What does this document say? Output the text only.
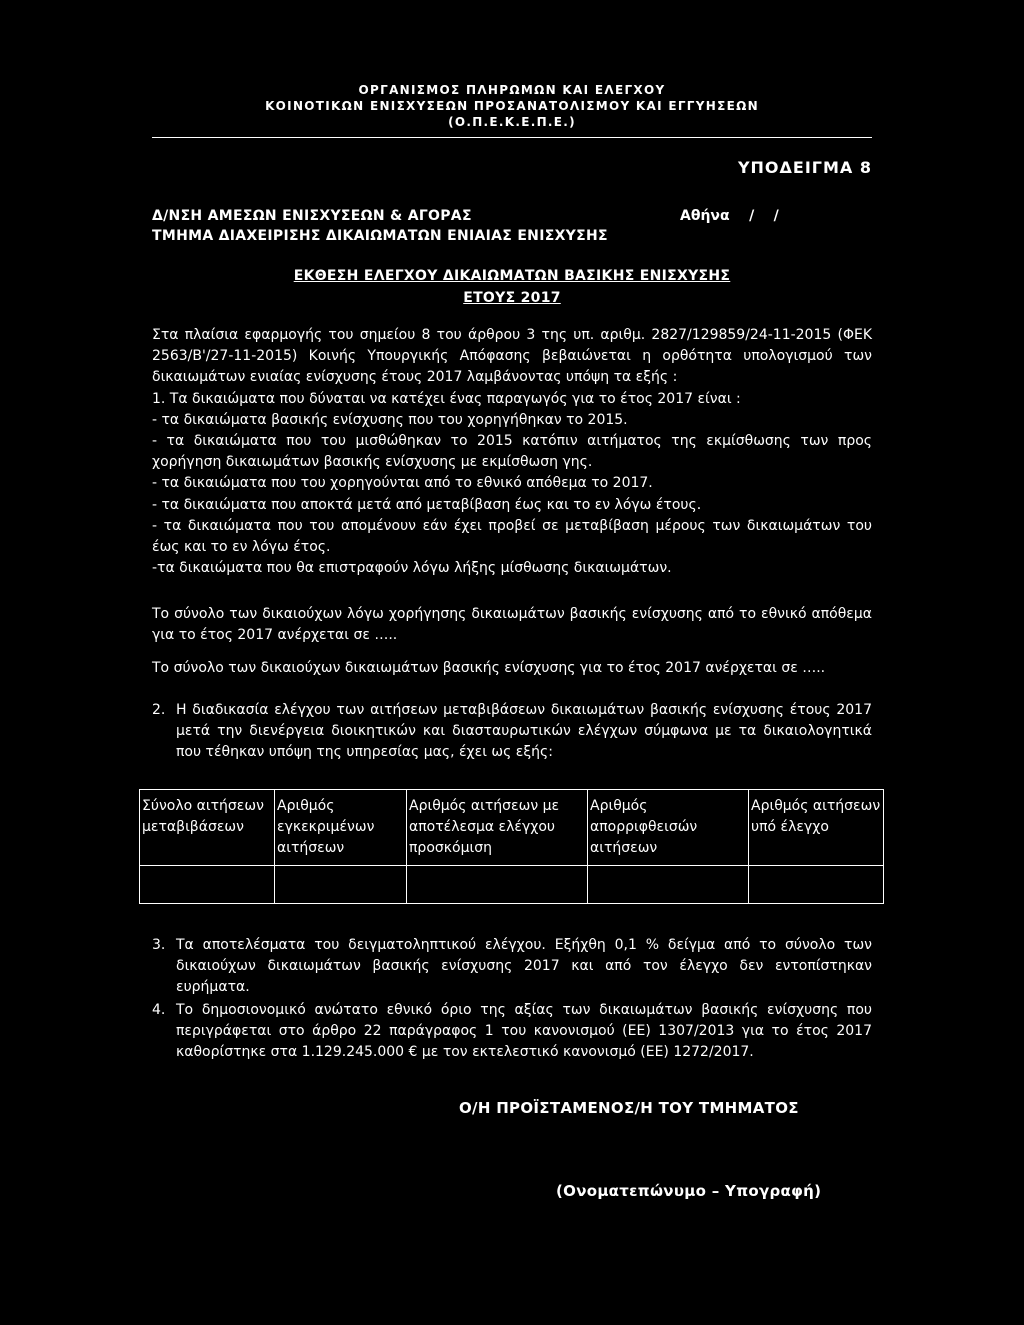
ΟΡΓΑΝΙΣΜΟΣ ΠΛΗΡΩΜΩΝ ΚΑΙ ΕΛΕΓΧΟΥ
ΚΟΙΝΟΤΙΚΩΝ ΕΝΙΣΧΥΣΕΩΝ ΠΡΟΣΑΝΑΤΟΛΙΣΜΟΥ ΚΑΙ ΕΓΓΥΗΣΕΩΝ
(Ο.Π.Ε.Κ.Ε.Π.Ε.)
ΥΠΟΔΕΙΓΜΑ 8
Δ/ΝΣΗ ΑΜΕΣΩΝ ΕΝΙΣΧΥΣΕΩΝ & ΑΓΟΡΑΣ	Αθήνα    /    /
ΤΜΗΜΑ ΔΙΑΧΕΙΡΙΣΗΣ ΔΙΚΑΙΩΜΑΤΩΝ ΕΝΙΑΙΑΣ ΕΝΙΣΧΥΣΗΣ
ΕΚΘΕΣΗ ΕΛΕΓΧΟΥ ΔΙΚΑΙΩΜΑΤΩΝ ΒΑΣΙΚΗΣ ΕΝΙΣΧΥΣΗΣ
ΕΤΟΥΣ 2017

Στα πλαίσια εφαρμογής του σημείου 8 του άρθρου 3 της υπ. αριθμ. 2827/129859/24-11-2015 (ΦΕΚ 2563/Β'/27-11-2015) Κοινής Υπουργικής Απόφασης βεβαιώνεται η ορθότητα υπολογισμού των δικαιωμάτων ενιαίας ενίσχυσης έτους 2017 λαμβάνοντας υπόψη τα εξής :

1. Τα δικαιώματα που δύναται να κατέχει ένας παραγωγός για το έτος 2017 είναι :

- τα δικαιώματα βασικής ενίσχυσης που του χορηγήθηκαν το 2015.

- τα δικαιώματα που του μισθώθηκαν το 2015 κατόπιν αιτήματος της εκμίσθωσης των προς χορήγηση δικαιωμάτων βασικής ενίσχυσης με εκμίσθωση γης.

- τα δικαιώματα που του χορηγούνται από το εθνικό απόθεμα το 2017.

- τα δικαιώματα που αποκτά μετά από μεταβίβαση έως και το εν λόγω έτους.

- τα δικαιώματα που του απομένουν εάν έχει προβεί σε μεταβίβαση μέρους των δικαιωμάτων του έως και το εν λόγω έτος.

-τα δικαιώματα που θα επιστραφούν λόγω λήξης μίσθωσης δικαιωμάτων.

Το σύνολο των δικαιούχων λόγω χορήγησης δικαιωμάτων βασικής ενίσχυσης από το εθνικό απόθεμα για το έτος 2017 ανέρχεται σε …..
Το σύνολο των δικαιούχων δικαιωμάτων βασικής ενίσχυσης για το έτος 2017 ανέρχεται σε …..
2. Η διαδικασία ελέγχου των αιτήσεων μεταβιβάσεων δικαιωμάτων βασικής ενίσχυσης έτους 2017 μετά την διενέργεια διοικητικών και διασταυρωτικών ελέγχων σύμφωνα με τα δικαιολογητικά που τέθηκαν υπόψη της υπηρεσίας μας, έχει ως εξής:
Σύνολο αιτήσεων μεταβιβάσεων	Αριθμός εγκεκριμένων αιτήσεων	Αριθμός αιτήσεων με αποτέλεσμα ελέγχου προσκόμιση	Αριθμός απορριφθεισών αιτήσεων	Αριθμός αιτήσεων υπό έλεγχο

3. Τα αποτελέσματα του δειγματοληπτικού ελέγχου. Εξήχθη 0,1 % δείγμα από το σύνολο των δικαιούχων δικαιωμάτων βασικής ενίσχυσης 2017 και από τον έλεγχο δεν εντοπίστηκαν ευρήματα.
4. Το δημοσιονομικό ανώτατο εθνικό όριο της αξίας των δικαιωμάτων βασικής ενίσχυσης που περιγράφεται στο άρθρο 22 παράγραφος 1 του κανονισμού (ΕΕ) 1307/2013 για το έτος 2017 καθορίστηκε στα 1.129.245.000 € με τον εκτελεστικό κανονισμό (ΕΕ) 1272/2017.
Ο/Η ΠΡΟΪΣΤΑΜΕΝΟΣ/Η ΤΟΥ ΤΜΗΜΑΤΟΣ
(Ονοματεπώνυμο – Υπογραφή)
